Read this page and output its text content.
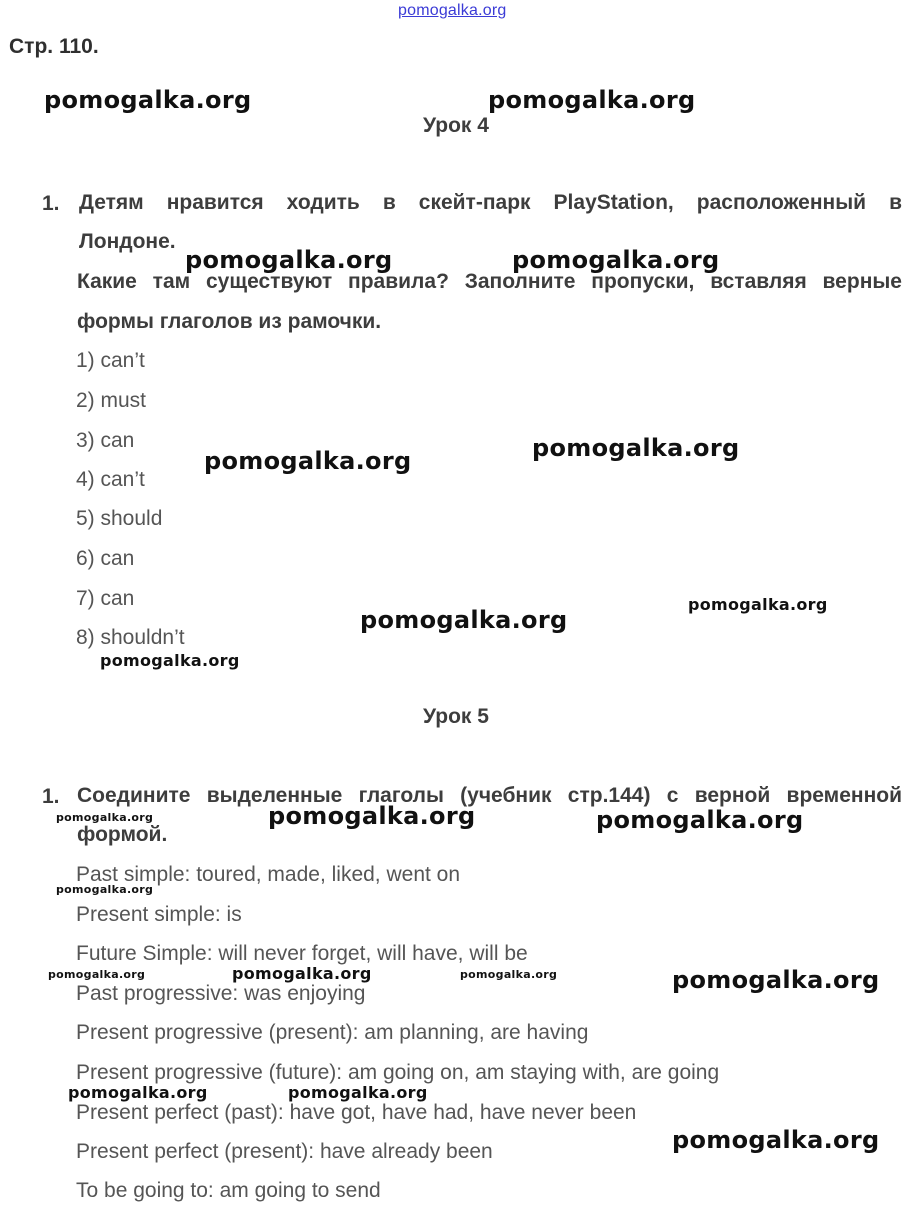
pomogalka.org
Стр. 110.
Урок 4
1. Детям нравится ходить в скейт-парк PlayStation, расположенный в
Лондоне.
Какие там существуют правила? Заполните пропуски, вставляя верные
формы глаголов из рамочки.
1) can’t
2) must
3) can
4) can’t
5) should
6) can
7) can
8) shouldn’t
Урок 5
1. Соедините выделенные глаголы (учебник стр.144) с верной временной
формой.
Past simple: toured, made, liked, went on
Present simple: is
Future Simple: will never forget, will have, will be
Past progressive: was enjoying
Present progressive (present): am planning, are having
Present progressive (future): am going on, am staying with, are going
Present perfect (past): have got, have had, have never been
Present perfect (present): have already been
To be going to: am going to send
pomogalka.org	pomogalka.org
pomogalka.org	pomogalka.org
pomogalka.org
pomogalka.org
pomogalka.org
pomogalka.org
pomogalka.org
pomogalka.org	pomogalka.org
pomogalka.org
pomogalka.org
pomogalka.org
pomogalka.org	pomogalka.org	pomogalka.org
pomogalka.org	pomogalka.org
pomogalka.org
